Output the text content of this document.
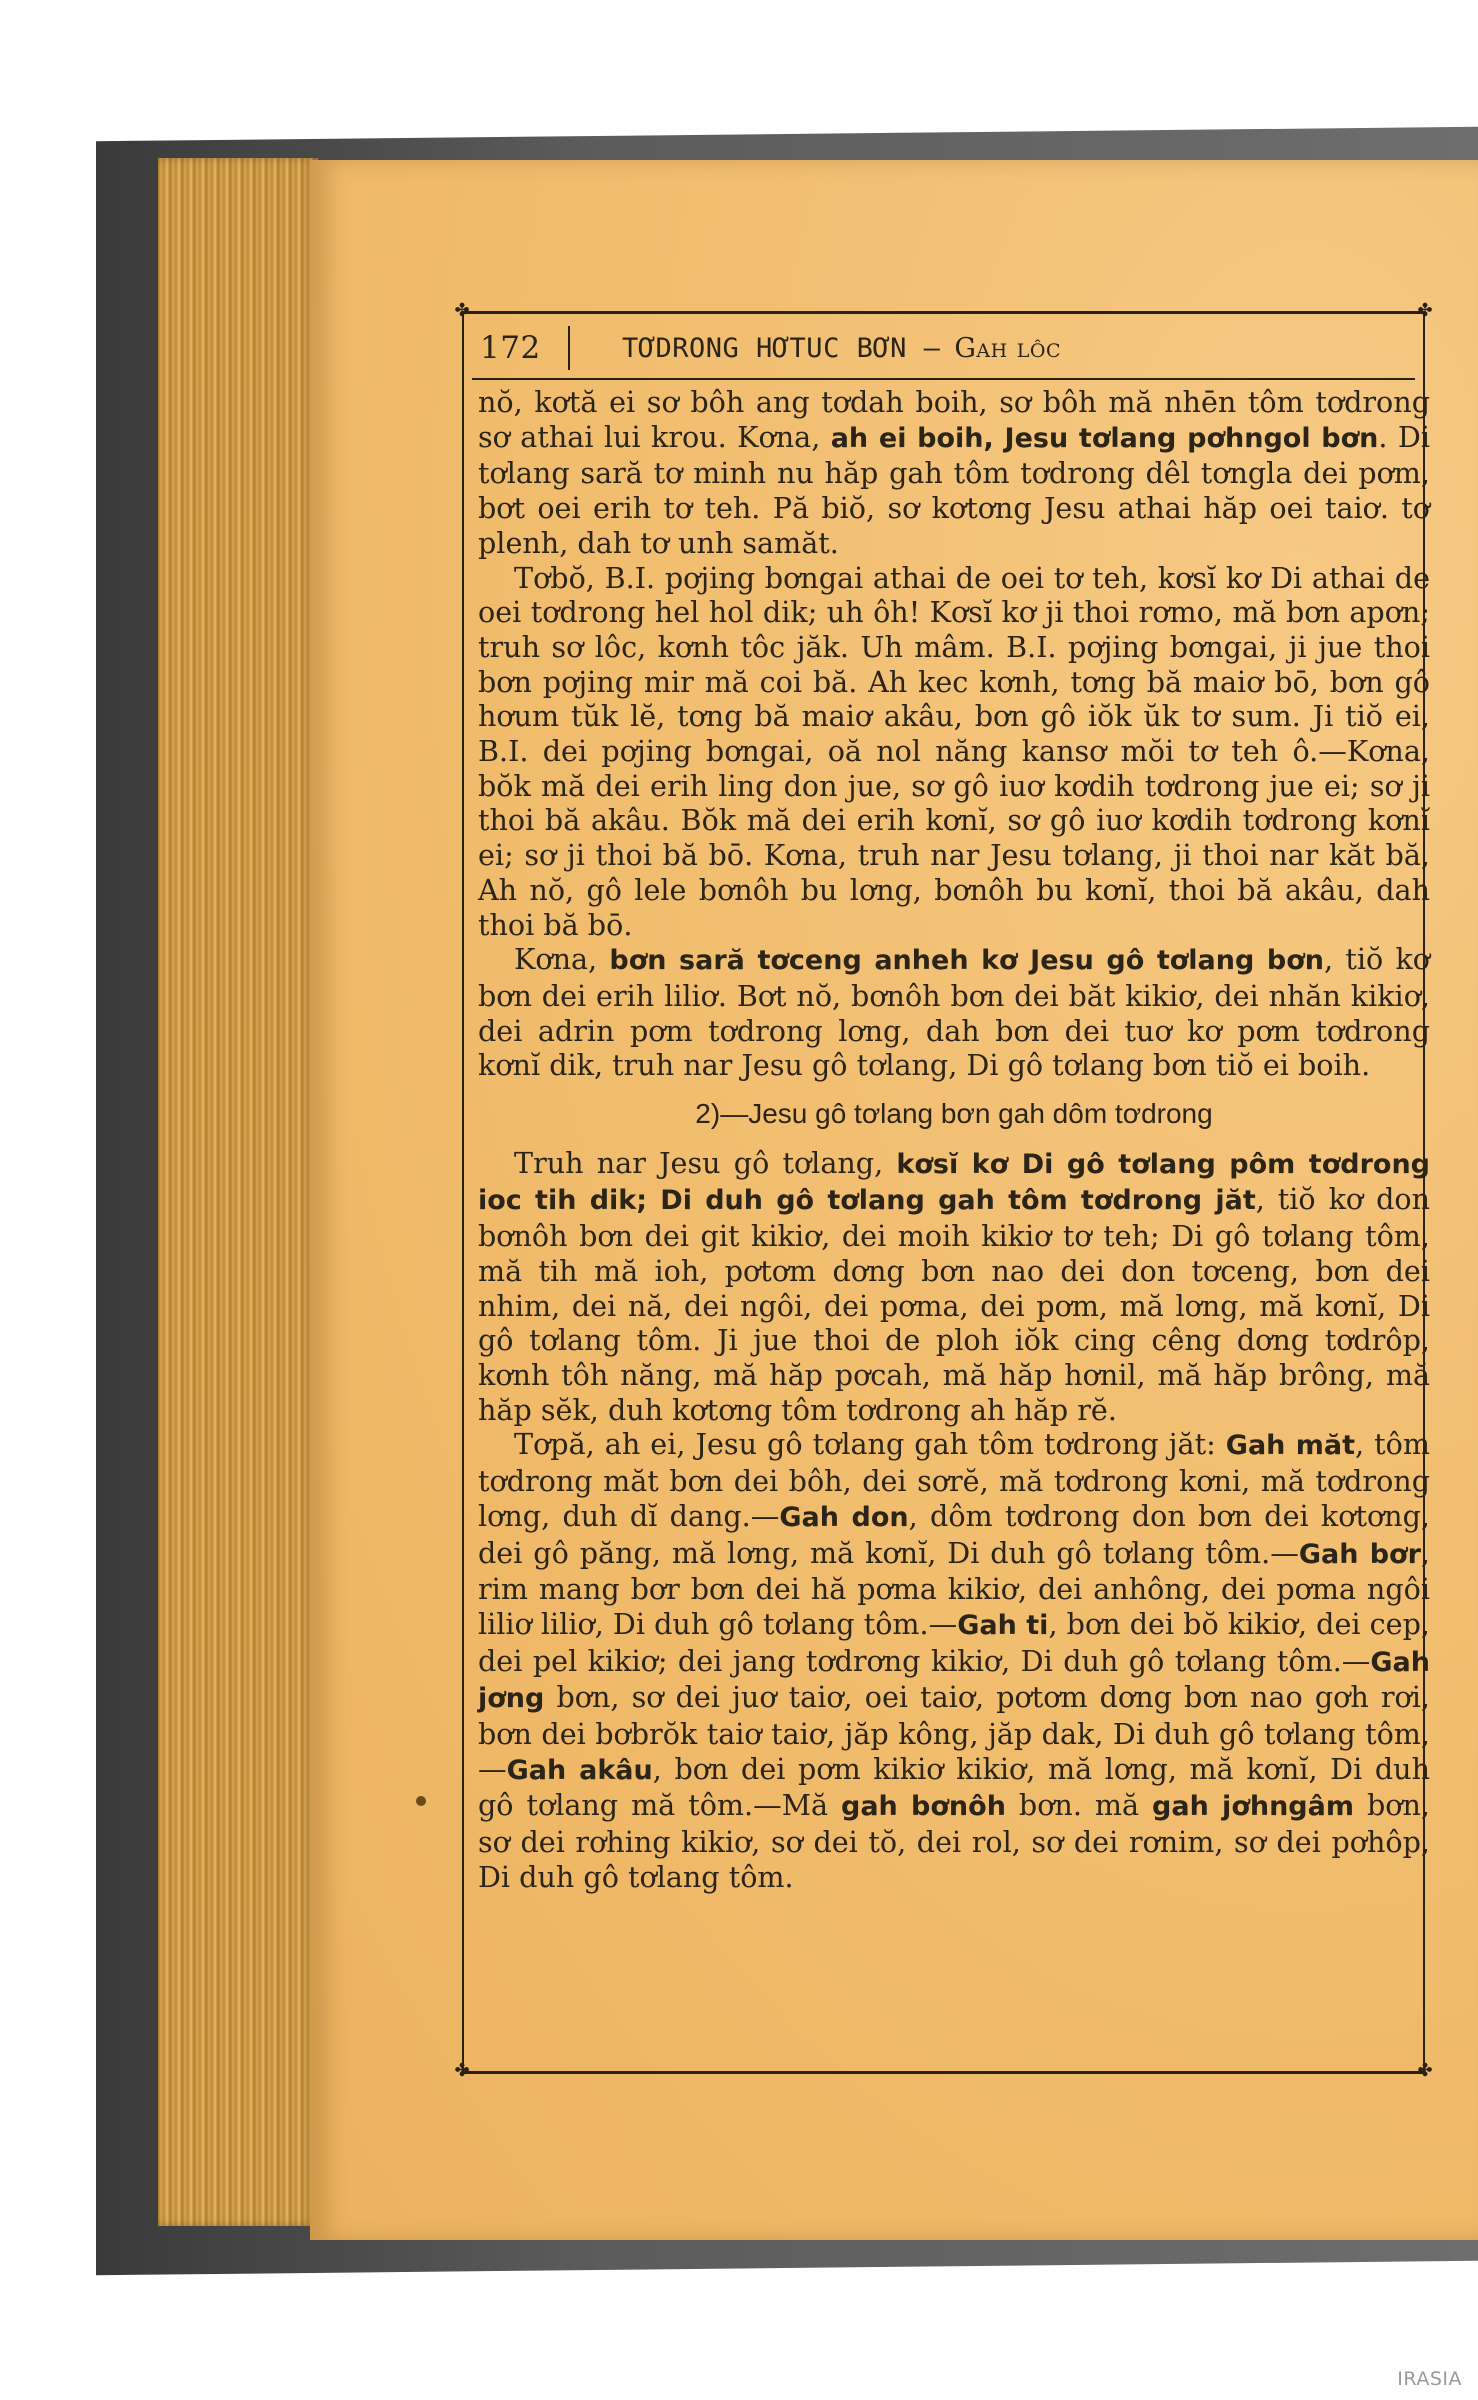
✤	✤
✤	✤
172	TƠDRONG HƠTUC BƠN — Gah lôc

nŏ, kơtă ei sơ bôh ang tơdah boih, sơ bôh mă nhēn tôm tơdrong sơ athai lui krou. Kơna, ah ei boih, Jesu tơlang pơhngol bơn. Di tơlang sară tơ minh nu hăp gah tôm tơdrong dêl tơngla dei pơm, bơt oei erih tơ teh. Pă biŏ, sơ kơtơng Jesu athai hăp oei taiơ. tơ plenh, dah tơ unh samăt.

Tơbŏ, B.I. pơjing bơngai athai de oei tơ teh, kơsĭ kơ Di athai de oei tơdrong hel hol dik; uh ôh! Kơsĭ kơ ji thoi rơmo, mă bơn apơn; truh sơ lôc, kơnh tôc jăk. Uh mâm. B.I. pơjing bơngai, ji jue thoi bơn pơjing mir mă coi bă. Ah kec kơnh, tơng bă maiơ bō, bơn gô hơum tŭk lĕ, tơng bă maiơ akâu, bơn gô iŏk ŭk tơ sum. Ji tiŏ ei, B.I. dei pơjing bơngai, oă nol năng kansơ mŏi tơ teh ô.—Kơna, bŏk mă dei erih ling don jue, sơ gô iuơ kơdih tơdrong jue ei; sơ ji thoi bă akâu. Bŏk mă dei erih kơnĭ, sơ gô iuơ kơdih tơdrong kơnĭ ei; sơ ji thoi bă bō. Kơna, truh nar Jesu tơlang, ji thoi nar kăt bă, Ah nŏ, gô lele bơnôh bu lơng, bơnôh bu kơnĭ, thoi bă akâu, dah thoi bă bō.

Kơna, bơn sară tơceng anheh kơ Jesu gô tơlang bơn, tiŏ kơ bơn dei erih liliơ. Bơt nŏ, bơnôh bơn dei băt kikiơ, dei nhăn kikiơ, dei adrin pơm tơdrong lơng, dah bơn dei tuơ kơ pơm tơdrong kơnĭ dik, truh nar Jesu gô tơlang, Di gô tơlang bơn tiŏ ei boih.

2)—Jesu gô tơlang bơn gah dôm tơdrong

Truh nar Jesu gô tơlang, kơsĭ kơ Di gô tơlang pôm tơdrong ioc tih dik; Di duh gô tơlang gah tôm tơdrong jăt, tiŏ kơ don bơnôh bơn dei git kikiơ, dei moih kikiơ tơ teh; Di gô tơlang tôm, mă tih mă ioh, pơtơm dơng bơn nao dei don tơceng, bơn dei nhim, dei nă, dei ngôi, dei pơma, dei pơm, mă lơng, mă kơnĭ, Di gô tơlang tôm. Ji jue thoi de ploh iŏk cing cêng dơng tơdrôp, kơnh tôh năng, mă hăp pơcah, mă hăp hơnil, mă hăp brông, mă hăp sĕk, duh kơtơng tôm tơdrong ah hăp rĕ.

Tơpă, ah ei, Jesu gô tơlang gah tôm tơdrong jăt: Gah măt, tôm tơdrong măt bơn dei bôh, dei sơrĕ, mă tơdrong kơni, mă tơdrong lơng, duh dĭ dang.—Gah don, dôm tơdrong don bơn dei kơtơng, dei gô păng, mă lơng, mă kơnĭ, Di duh gô tơlang tôm.—Gah bơr, rim mang bơr bơn dei hă pơma kikiơ, dei anhông, dei pơma ngôi liliơ liliơ, Di duh gô tơlang tôm.—Gah ti, bơn dei bŏ kikiơ, dei cep, dei pel kikiơ; dei jang tơdrơng kikiơ, Di duh gô tơlang tôm.—Gah jơng bơn, sơ dei juơ taiơ, oei taiơ, pơtơm dơng bơn nao gơh rơi, bơn dei bơbrŏk taiơ taiơ, jăp kông, jăp dak, Di duh gô tơlang tôm,—Gah akâu, bơn dei pơm kikiơ kikiơ, mă lơng, mă kơnĭ, Di duh gô tơlang mă tôm.—Mă gah bơnôh bơn. mă gah jơhngâm bơn, sơ dei rơhing kikiơ, sơ dei tŏ, dei rol, sơ dei rơnim, sơ dei pơhôp, Di duh gô tơlang tôm.

IRASIA
